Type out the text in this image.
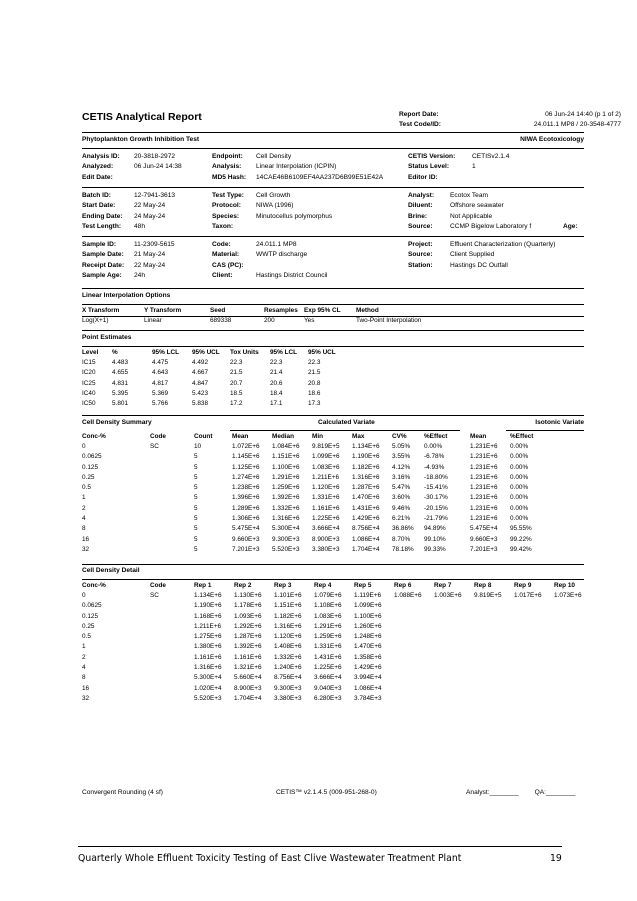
CETIS Analytical Report	Report Date:	06 Jun-24 14:40 (p 1 of 2)
Test Code/ID:	24.011.1 MP8 / 20-3548-4777
Phytoplankton Growth Inhibition Test	NIWA Ecotoxicology
Analysis ID: 20-3818-2972
Analyzed:	06 Jun-24 14:38
Edit Date:
Endpoint: Cell Density
Analysis: Linear Interpolation (ICPIN)
MD5 Hash: 14CAE46B6109EF4AA237D6B99E51E42A
CETIS Version:	CETISv2.1.4
Status Level:	1
Editor ID:
Batch ID:	12-7941-3613
Start Date:	22 May-24
Ending Date: 24 May-24
Test Length: 48h
Test Type: Cell Growth
Protocol: NIWA (1996)
Species:	Minutocellus polymorphus
Taxon:
Analyst: Ecotox Team
Diluent:	Offshore seawater
Brine:	Not Applicable
Source:	CCMP Bigelow Laboratory f	Age:
Sample ID:	11-2309-5615
Sample Date: 21 May-24
Receipt Date: 22 May-24
Sample Age: 24h
Code:	24.011.1 MP8
Material:	WWTP discharge
CAS (PC):
Client:	Hastings District Council
Project:	Effluent Characterization (Quarterly)
Source:	Client Supplied
Station:	Hastings DC Outfall
Linear Interpolation Options
X Transform	Y Transform	Seed	Resamples	Exp 95% CL	Method
Log(X+1)	Linear	689338	200	Yes	Two-Point Interpolation
Point Estimates
Level	%	95% LCL	95% UCL	Tox Units	95% LCL	95% UCL
IC15	4.483	4.475	4.492	22.3	22.3	22.3
IC20	4.655	4.643	4.667	21.5	21.4	21.5
IC25	4.831	4.817	4.847	20.7	20.6	20.8
IC40	5.395	5.369	5.423	18.5	18.4	18.6
IC50	5.801	5.766	5.838	17.2	17.1	17.3
Cell Density Summary	Calculated Variate	Isotonic Variate
Conc-%	Code	Count	Mean	Median	Min	Max	CV%	%Effect	Mean	%Effect
0	SC	10	1.072E+6	1.084E+6	9.819E+5	1.134E+6	5.05%	0.00%	1.231E+6	0.00%
0.0625		5	1.145E+6	1.151E+6	1.099E+6	1.190E+6	3.55%	-6.78%	1.231E+6	0.00%
0.125		5	1.125E+6	1.100E+6	1.083E+6	1.182E+6	4.12%	-4.93%	1.231E+6	0.00%
0.25		5	1.274E+6	1.291E+6	1.211E+6	1.316E+6	3.16%	-18.80%	1.231E+6	0.00%
0.5		5	1.238E+6	1.259E+6	1.120E+6	1.287E+6	5.47%	-15.41%	1.231E+6	0.00%
1		5	1.396E+6	1.392E+6	1.331E+6	1.470E+6	3.60%	-30.17%	1.231E+6	0.00%
2		5	1.289E+6	1.332E+6	1.161E+6	1.431E+6	9.46%	-20.15%	1.231E+6	0.00%
4		5	1.306E+6	1.316E+6	1.225E+6	1.429E+6	6.21%	-21.79%	1.231E+6	0.00%
8		5	5.475E+4	5.300E+4	3.666E+4	8.756E+4	36.86%	94.89%	5.475E+4	95.55%
16		5	9.660E+3	9.300E+3	8.900E+3	1.086E+4	8.70%	99.10%	9.660E+3	99.22%
32		5	7.201E+3	5.520E+3	3.380E+3	1.704E+4	78.18%	99.33%	7.201E+3	99.42%
Cell Density Detail
Conc-%	Code	Rep 1	Rep 2	Rep 3	Rep 4	Rep 5	Rep 6	Rep 7	Rep 8	Rep 9	Rep 10
0	SC	1.134E+6	1.130E+6	1.101E+6	1.079E+6	1.119E+6	1.088E+6	1.003E+6	9.819E+5	1.017E+6	1.073E+6
0.0625		1.190E+6	1.178E+6	1.151E+6	1.108E+6	1.099E+6					
0.125		1.168E+6	1.093E+6	1.182E+6	1.083E+6	1.100E+6					
0.25		1.211E+6	1.292E+6	1.316E+6	1.291E+6	1.260E+6					
0.5		1.275E+6	1.287E+6	1.120E+6	1.259E+6	1.248E+6					
1		1.380E+6	1.392E+6	1.408E+6	1.331E+6	1.470E+6					
2		1.161E+6	1.161E+6	1.332E+6	1.431E+6	1.358E+6					
4		1.316E+6	1.321E+6	1.240E+6	1.225E+6	1.429E+6					
8		5.300E+4	5.660E+4	8.756E+4	3.666E+4	3.994E+4					
16		1.020E+4	8.900E+3	9.300E+3	9.040E+3	1.086E+4					
32		5.520E+3	1.704E+4	3.380E+3	6.280E+3	3.784E+3					
Convergent Rounding (4 sf)	CETIS™ v2.1.4.5 (009-951-268-0)	Analyst:________ QA:________
Quarterly Whole Effluent Toxicity Testing of East Clive Wastewater Treatment Plant	19
